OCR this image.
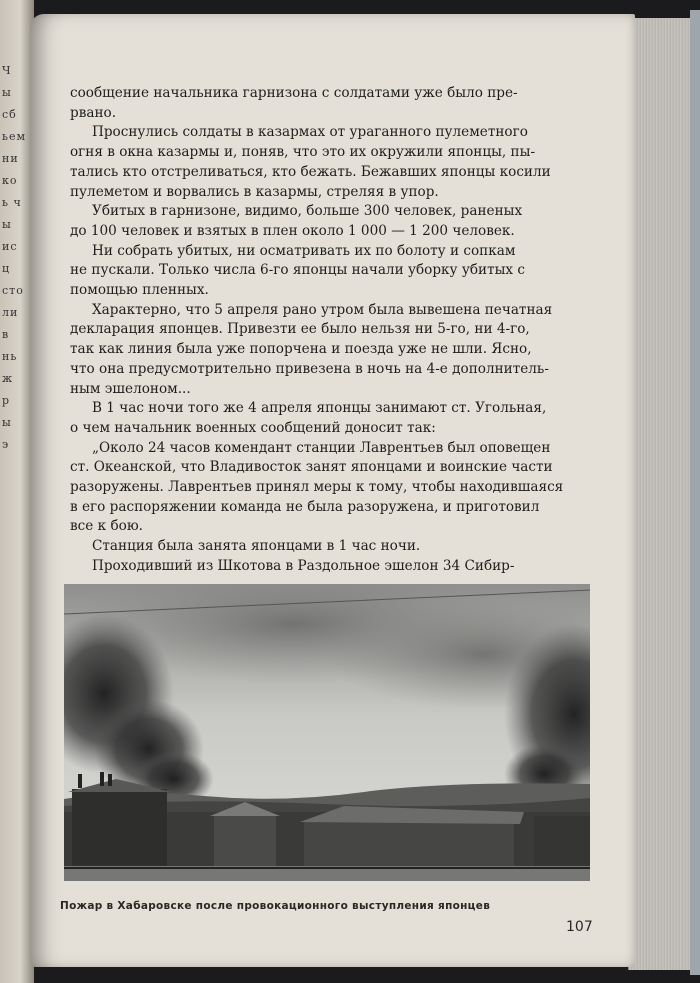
Ч
ы
сб
ьем
ни
ко
ь ч
ы
ис
ц
сто
ли
в
нь
ж
р
ы
э

сообщение начальника гарнизона с солдатами уже было пре-

рвано.

Проснулись солдаты в казармах от ураганного пулеметного

огня в окна казармы и, поняв, что это их окружили японцы, пы-

тались кто отстреливаться, кто бежать. Бежавших японцы косили

пулеметом и ворвались в казармы, стреляя в упор.

Убитых в гарнизоне, видимо, больше 300 человек, раненых

до 100 человек и взятых в плен около 1 000 — 1 200 человек.

Ни собрать убитых, ни осматривать их по болоту и сопкам

не пускали. Только числа 6-го японцы начали уборку убитых с

помощью пленных.

Характерно, что 5 апреля рано утром была вывешена печатная

декларация японцев. Привезти ее было нельзя ни 5-го, ни 4-го,

так как линия была уже попорчена и поезда уже не шли. Ясно,

что она предусмотрительно привезена в ночь на 4-е дополнитель-

ным эшелоном...

В 1 час ночи того же 4 апреля японцы занимают ст. Угольная,

о чем начальник военных сообщений доносит так:

„Около 24 часов комендант станции Лаврентьев был оповещен

ст. Океанской, что Владивосток занят японцами и воинские части

разоружены. Лаврентьев принял меры к тому, чтобы находившаяся

в его распоряжении команда не была разоружена, и приготовил

все к бою.

Станция была занята японцами в 1 час ночи.

Проходивший из Шкотова в Раздольное эшелон 34 Сибир-

Пожар в Хабаровске после провокационного выступления японцев
107
